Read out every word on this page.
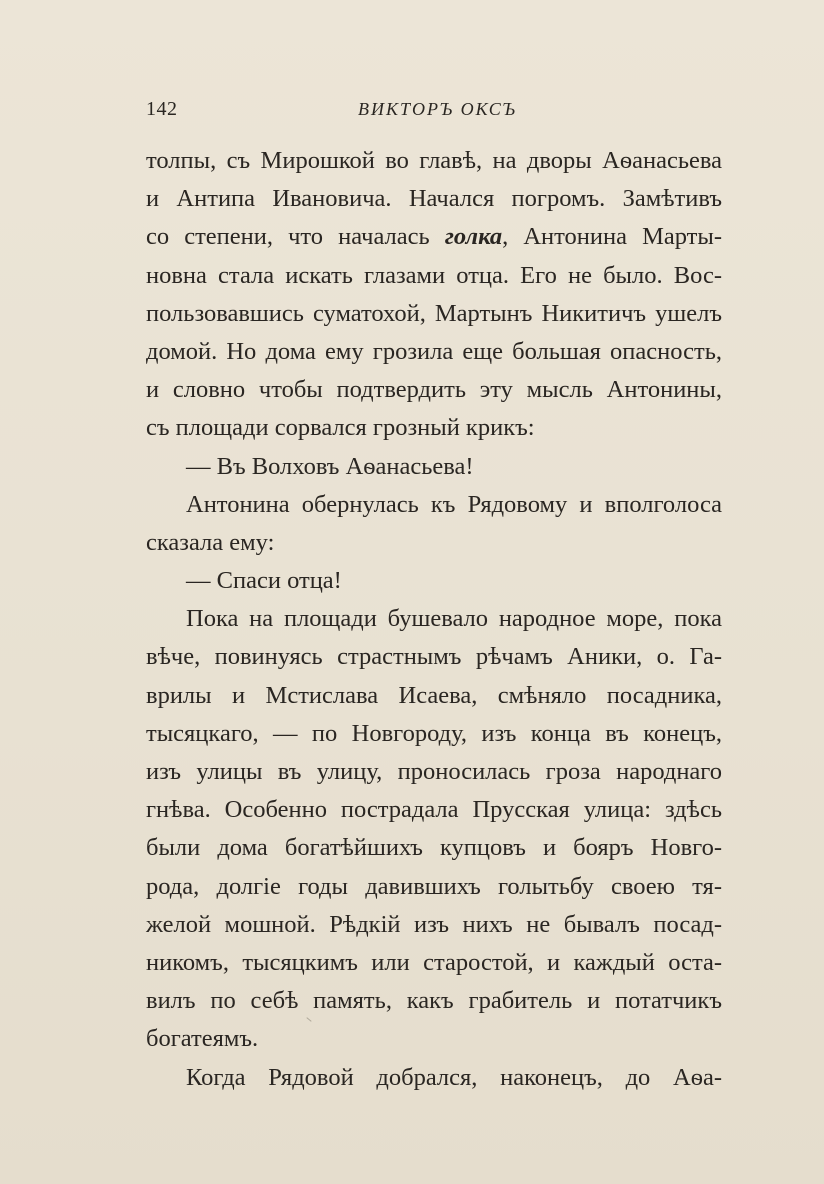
142	ВИКТОРЪ ОКСЪ
толпы, съ Мирошкой во главѣ, на дворы Аѳанасьева
и Антипа Ивановича. Начался погромъ. Замѣтивъ
со степени, что началась голка, Антонина Марты-
новна стала искать глазами отца. Его не было. Вос-
пользовавшись суматохой, Мартынъ Никитичъ ушелъ
домой. Но дома ему грозила еще большая опасность,
и словно чтобы подтвердить эту мысль Антонины,
съ площади сорвался грозный крикъ:
— Въ Волховъ Аѳанасьева!
Антонина обернулась къ Рядовому и вполголоса
сказала ему:
— Спаси отца!
Пока на площади бушевало народное море, пока
вѣче, повинуясь страстнымъ рѣчамъ Аники, о. Га-
врилы и Мстислава Исаева, смѣняло посадника,
тысяцкаго, — по Новгороду, изъ конца въ конецъ,
изъ улицы въ улицу, проносилась гроза народнаго
гнѣва. Особенно пострадала Прусская улица: здѣсь
были дома богатѣйшихъ купцовъ и бояръ Новго-
рода, долгіе годы давившихъ голытьбу своею тя-
желой мошной. Рѣдкій изъ нихъ не бывалъ посад-
никомъ, тысяцкимъ или старостой, и каждый оста-
вилъ по себѣ память, какъ грабитель и потатчикъ
богатеямъ.
Когда Рядовой добрался, наконецъ, до Аѳа-
